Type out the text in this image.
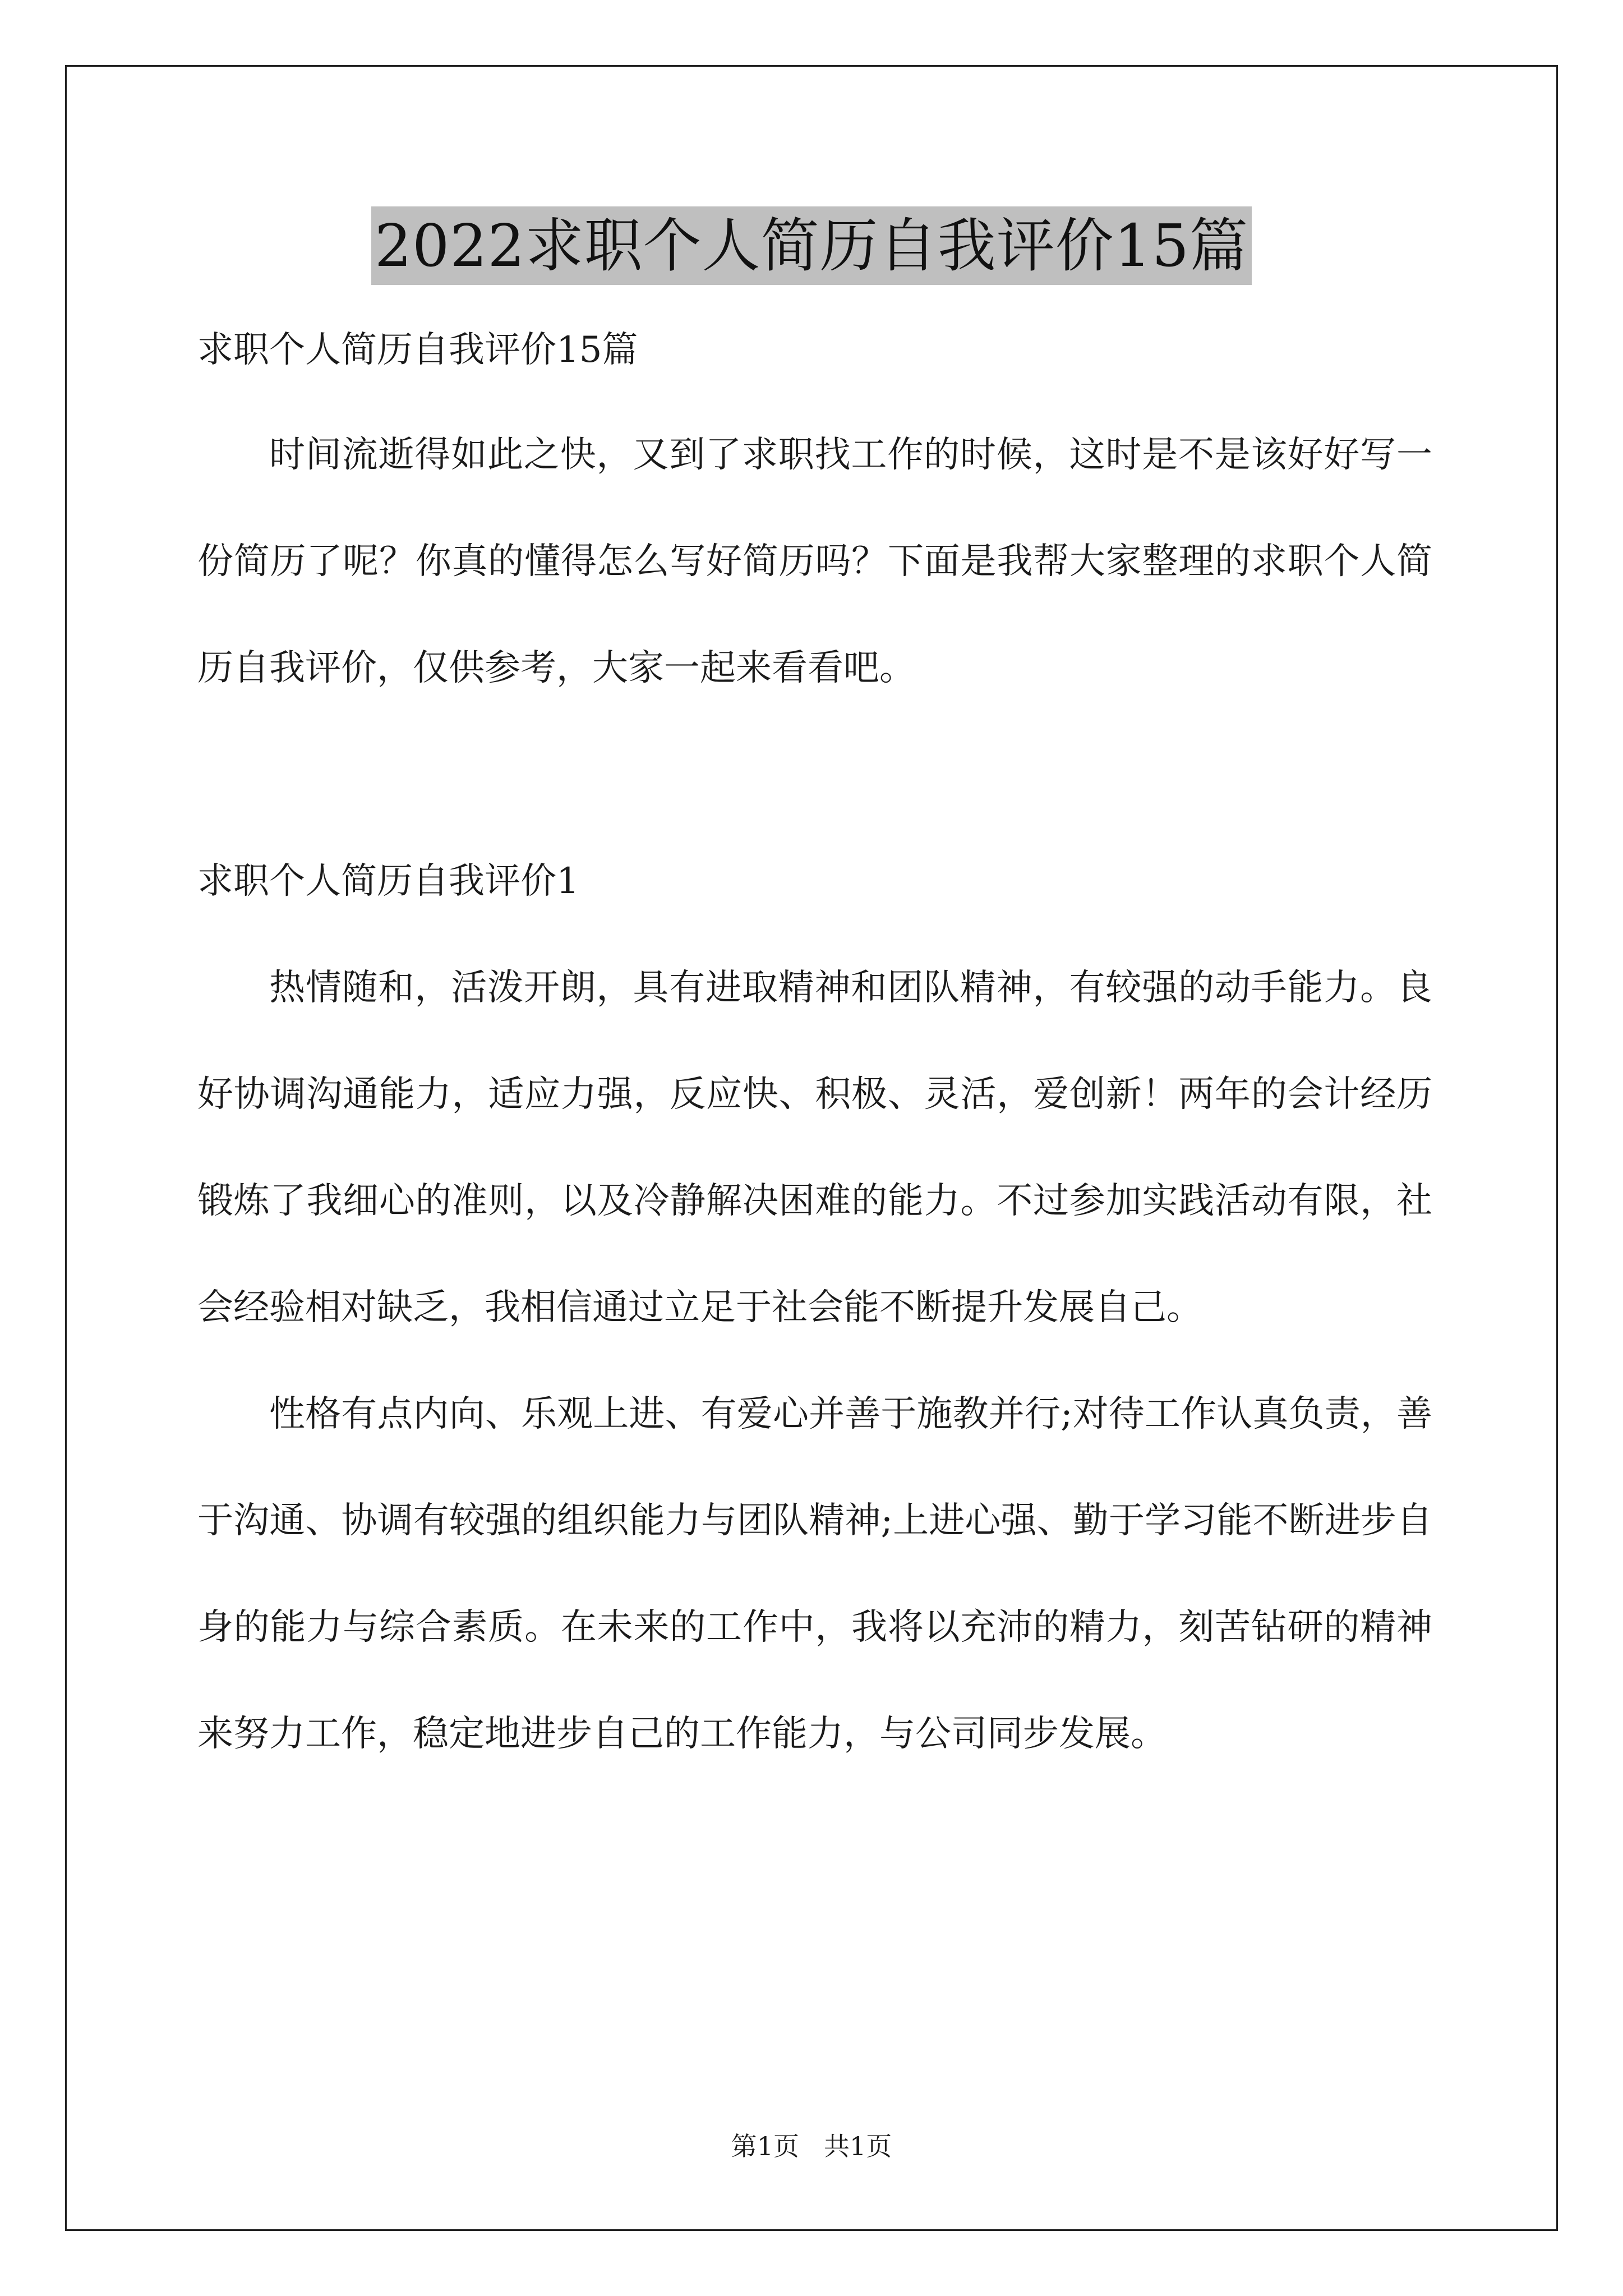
2022求职个人简历自我评价15篇

求职个人简历自我评价15篇

时间流逝得如此之快，又到了求职找工作的时候，这时是不是该好好写一份简历了呢？你真的懂得怎么写好简历吗？下面是我帮大家整理的求职个人简历自我评价，仅供参考，大家一起来看看吧。

求职个人简历自我评价1

热情随和，活泼开朗，具有进取精神和团队精神，有较强的动手能力。良好协调沟通能力，适应力强，反应快、积极、灵活，爱创新！两年的会计经历锻炼了我细心的准则，以及冷静解决困难的能力。不过参加实践活动有限，社会经验相对缺乏，我相信通过立足于社会能不断提升发展自己。

性格有点内向、乐观上进、有爱心并善于施教并行;对待工作认真负责，善于沟通、协调有较强的组织能力与团队精神;上进心强、勤于学习能不断进步自身的能力与综合素质。在未来的工作中，我将以充沛的精力，刻苦钻研的精神来努力工作，稳定地进步自己的工作能力，与公司同步发展。

第1页 共1页
